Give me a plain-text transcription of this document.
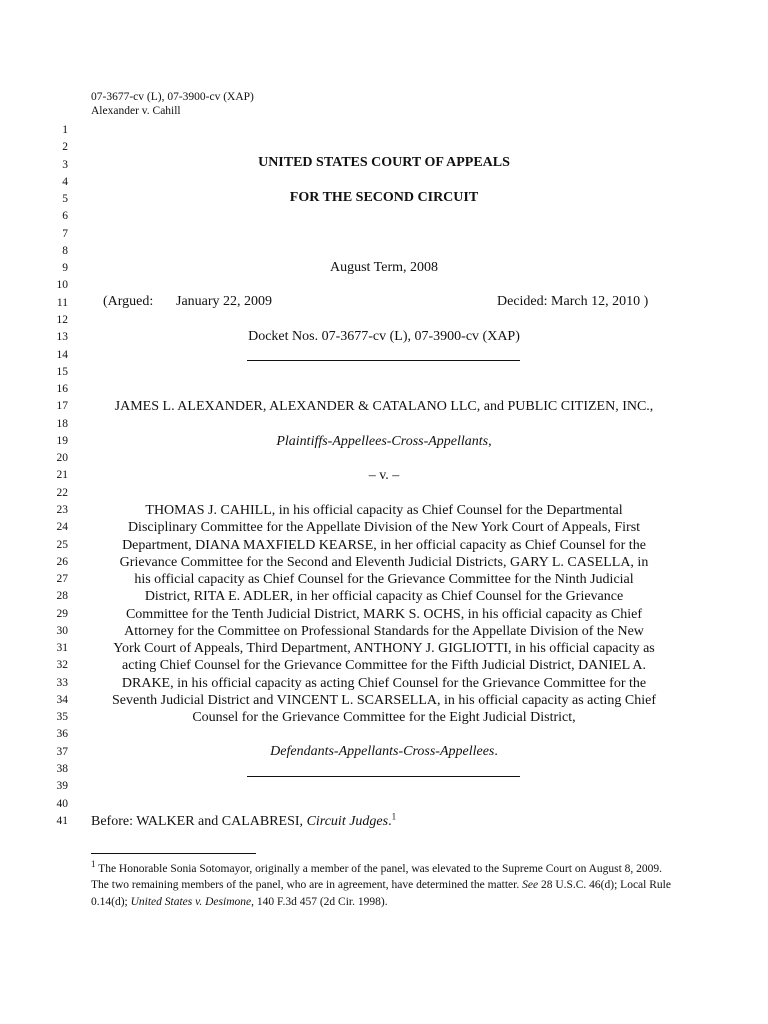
07-3677-cv (L), 07-3900-cv (XAP)
Alexander v. Cahill
1
2
3
4
5
6
7
8
9
10
11
12
13
14
15
16
17
18
19
20
21
22
23
24
25
26
27
28
29
30
31
32
33
34
35
36
37
38
39
40
41
UNITED STATES COURT OF APPEALS
FOR THE SECOND CIRCUIT
August Term, 2008
(Argued: January 22, 2009	Decided: March 12, 2010 )
Docket Nos. 07-3677-cv (L), 07-3900-cv (XAP)
JAMES L. ALEXANDER, ALEXANDER & CATALANO LLC, and PUBLIC CITIZEN, INC.,
Plaintiffs-Appellees-Cross-Appellants,
– v. –
THOMAS J. CAHILL, in his official capacity as Chief Counsel for the Departmental
Disciplinary Committee for the Appellate Division of the New York Court of Appeals, First
Department, DIANA MAXFIELD KEARSE, in her official capacity as Chief Counsel for the
Grievance Committee for the Second and Eleventh Judicial Districts, GARY L. CASELLA, in
his official capacity as Chief Counsel for the Grievance Committee for the Ninth Judicial
District, RITA E. ADLER, in her official capacity as Chief Counsel for the Grievance
Committee for the Tenth Judicial District, MARK S. OCHS, in his official capacity as Chief
Attorney for the Committee on Professional Standards for the Appellate Division of the New
York Court of Appeals, Third Department, ANTHONY J. GIGLIOTTI, in his official capacity as
acting Chief Counsel for the Grievance Committee for the Fifth Judicial District, DANIEL A.
DRAKE, in his official capacity as acting Chief Counsel for the Grievance Committee for the
Seventh Judicial District and VINCENT L. SCARSELLA, in his official capacity as acting Chief
Counsel for the Grievance Committee for the Eight Judicial District,
Defendants-Appellants-Cross-Appellees.
Before: WALKER and CALABRESI, Circuit Judges.$^1$
$^1$ The Honorable Sonia Sotomayor, originally a member of the panel, was elevated to the Supreme Court on August 8, 2009. The two remaining members of the panel, who are in agreement, have determined the matter. See 28 U.S.C. 46(d); Local Rule 0.14(d); United States v. Desimone, 140 F.3d 457 (2d Cir. 1998).
